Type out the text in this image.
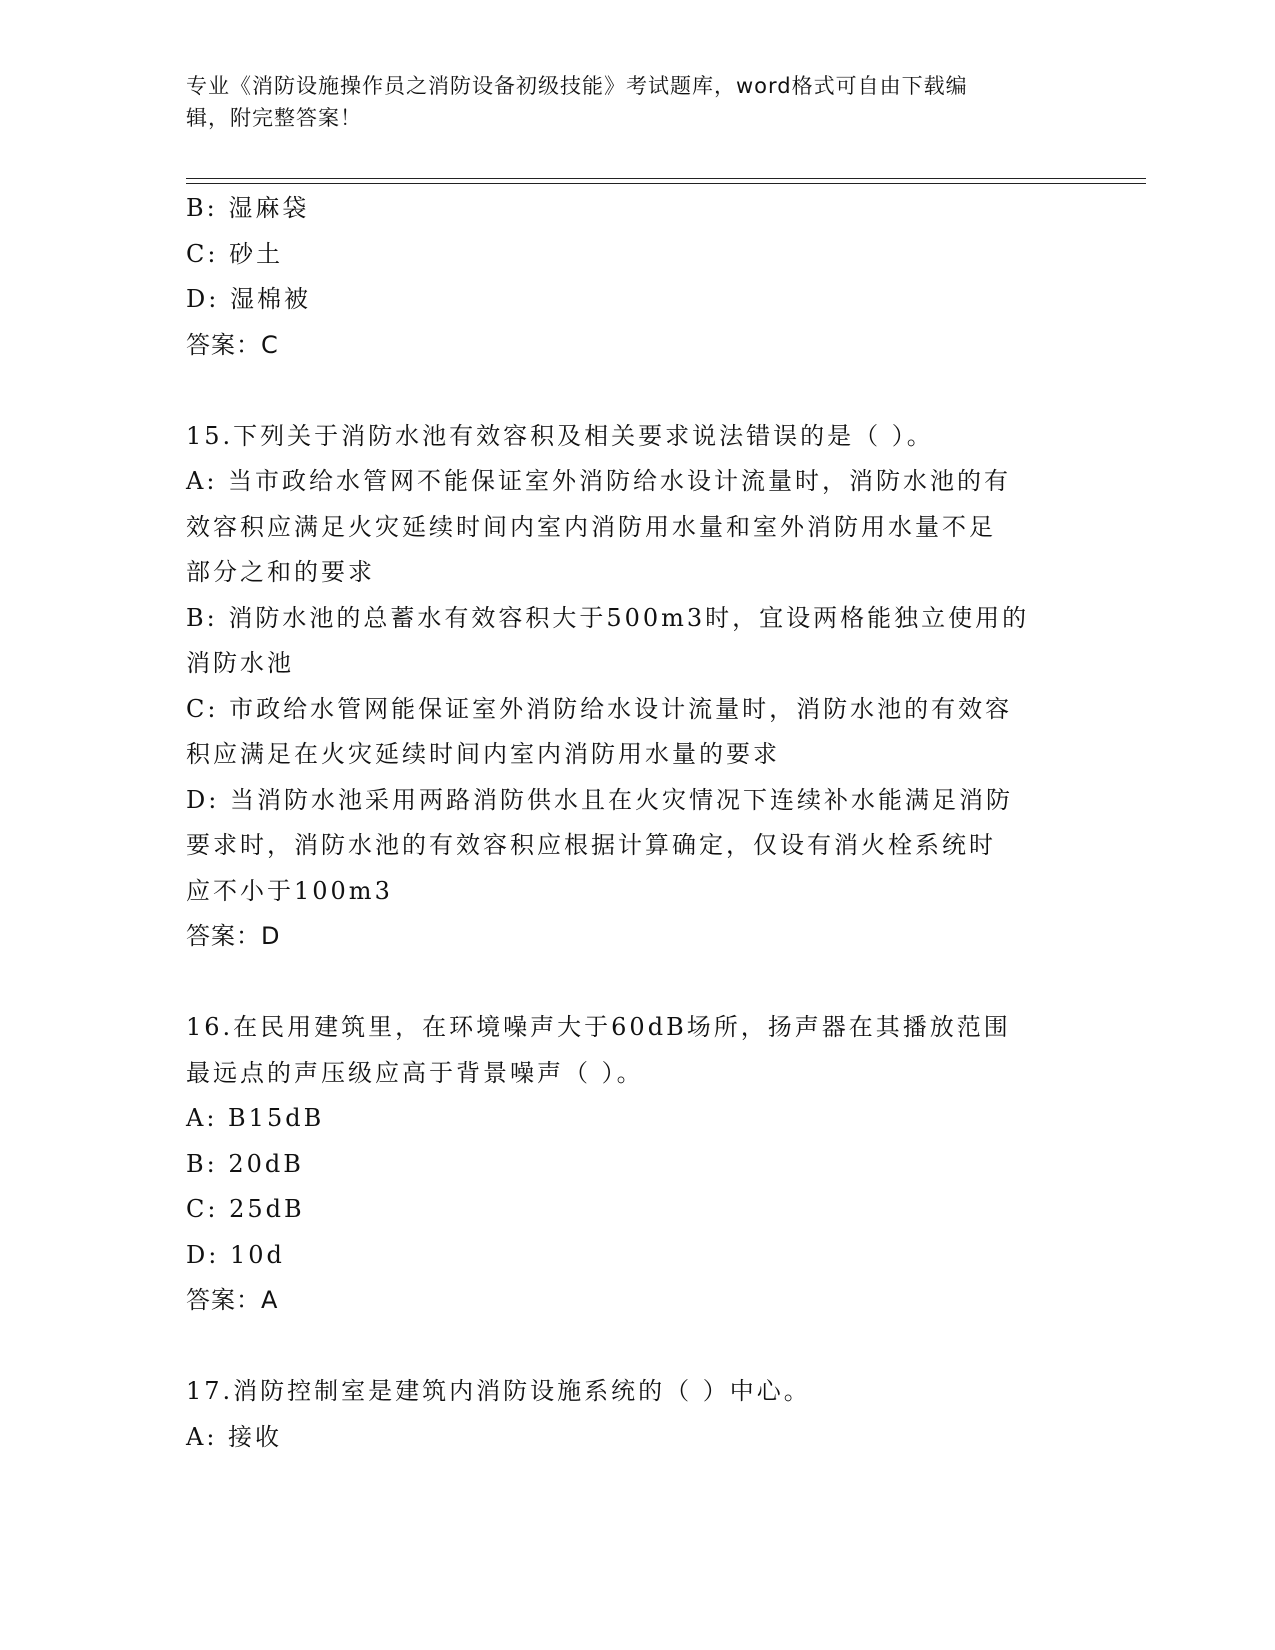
专业《消防设施操作员之消防设备初级技能》考试题库，word格式可自由下载编
辑，附完整答案！
B: 湿麻袋
C: 砂土
D: 湿棉被
答案：C
15.下列关于消防水池有效容积及相关要求说法错误的是（ ）。
A: 当市政给水管网不能保证室外消防给水设计流量时，消防水池的有
效容积应满足火灾延续时间内室内消防用水量和室外消防用水量不足
部分之和的要求
B: 消防水池的总蓄水有效容积大于500m3时，宜设两格能独立使用的
消防水池
C: 市政给水管网能保证室外消防给水设计流量时，消防水池的有效容
积应满足在火灾延续时间内室内消防用水量的要求
D: 当消防水池采用两路消防供水且在火灾情况下连续补水能满足消防
要求时，消防水池的有效容积应根据计算确定，仅设有消火栓系统时
应不小于100m3
答案：D
16.在民用建筑里，在环境噪声大于60dB场所，扬声器在其播放范围
最远点的声压级应高于背景噪声（ ）。
A: B15dB
B: 20dB
C: 25dB
D: 10d
答案：A
17.消防控制室是建筑内消防设施系统的（ ）中心。
A: 接收
